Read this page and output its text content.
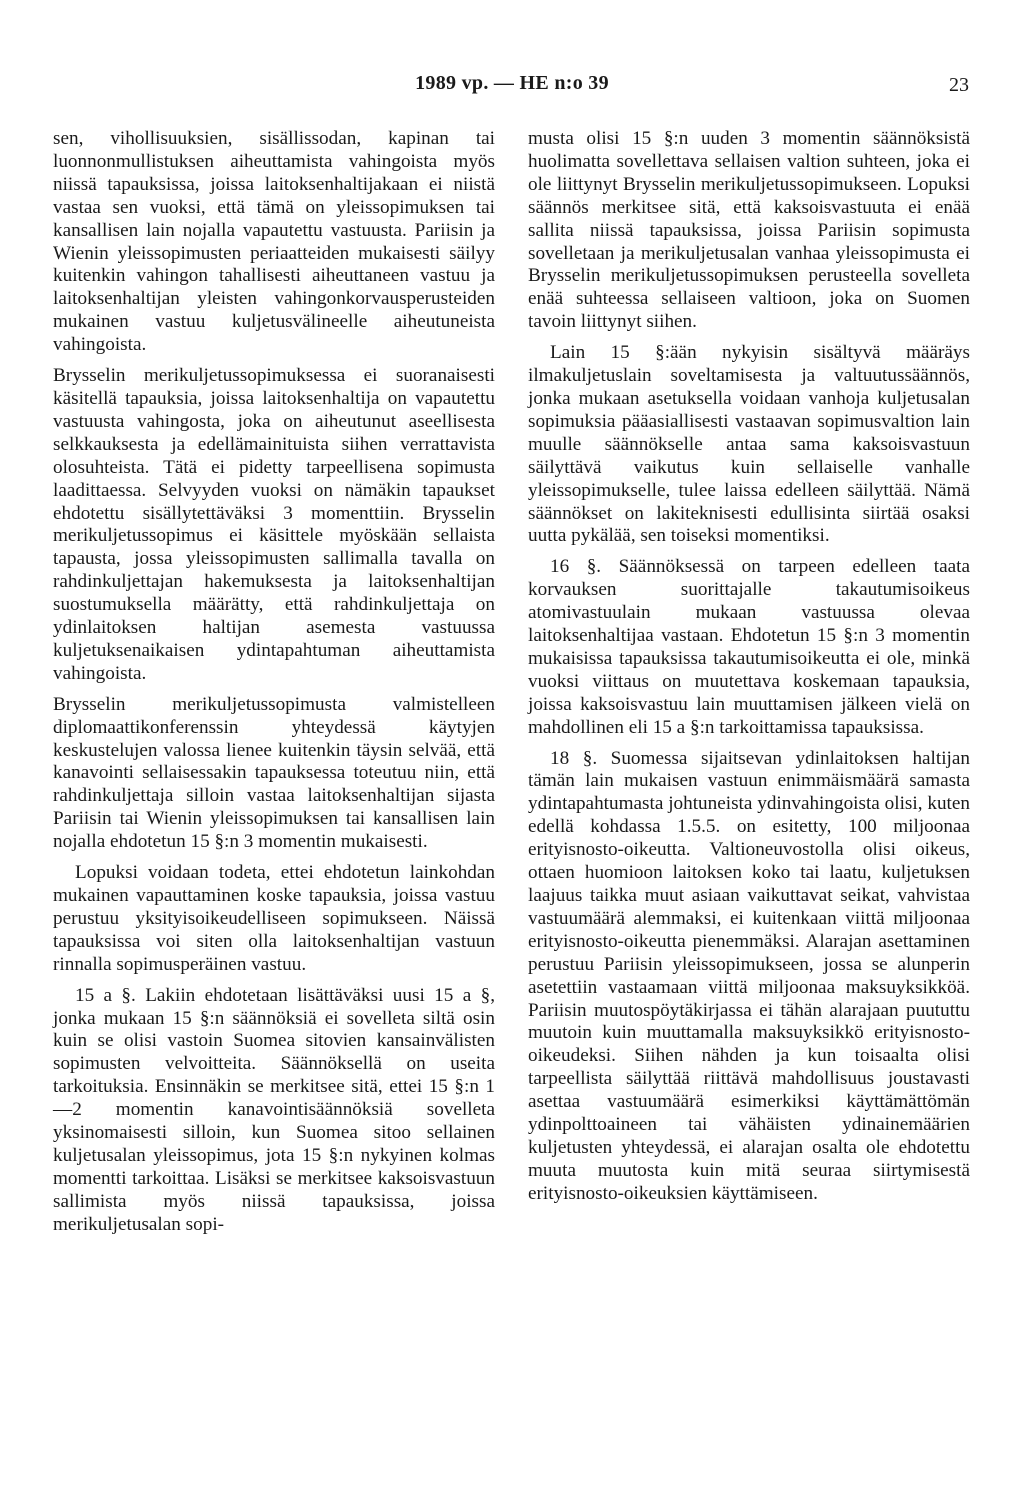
1989 vp. — HE n:o 39	23

sen, vihollisuuksien, sisällissodan, kapinan tai luonnonmullistuksen aiheuttamista vahingoista myös niissä tapauksissa, joissa laitoksenhaltijakaan ei niistä vastaa sen vuoksi, että tämä on yleissopimuksen tai kansallisen lain nojalla vapautettu vastuusta. Pariisin ja Wienin yleissopimusten periaatteiden mukaisesti säilyy kuitenkin vahingon tahallisesti aiheuttaneen vastuu ja laitoksenhaltijan yleisten vahingonkorvausperusteiden mukainen vastuu kuljetusvälineelle aiheutuneista vahingoista.

Brysselin merikuljetussopimuksessa ei suoranaisesti käsitellä tapauksia, joissa laitoksenhaltija on vapautettu vastuusta vahingosta, joka on aiheutunut aseellisesta selkkauksesta ja edellämainituista siihen verrattavista olosuhteista. Tätä ei pidetty tarpeellisena sopimusta laadittaessa. Selvyyden vuoksi on nämäkin tapaukset ehdotettu sisällytettäväksi 3 momenttiin. Brysselin merikuljetussopimus ei käsittele myöskään sellaista tapausta, jossa yleissopimusten sallimalla tavalla on rahdinkuljettajan hakemuksesta ja laitoksenhaltijan suostumuksella määrätty, että rahdinkuljettaja on ydinlaitoksen haltijan asemesta vastuussa kuljetuksenaikaisen ydintapahtuman aiheuttamista vahingoista.

Brysselin merikuljetussopimusta valmistelleen diplomaattikonferenssin yhteydessä käytyjen keskustelujen valossa lienee kuitenkin täysin selvää, että kanavointi sellaisessakin tapauksessa toteutuu niin, että rahdinkuljettaja silloin vastaa laitoksenhaltijan sijasta Pariisin tai Wienin yleissopimuksen tai kansallisen lain nojalla ehdotetun 15 §:n 3 momentin mukaisesti.

Lopuksi voidaan todeta, ettei ehdotetun lainkohdan mukainen vapauttaminen koske tapauksia, joissa vastuu perustuu yksityisoikeudelliseen sopimukseen. Näissä tapauksissa voi siten olla laitoksenhaltijan vastuun rinnalla sopimusperäinen vastuu.

15 a §. Lakiin ehdotetaan lisättäväksi uusi 15 a §, jonka mukaan 15 §:n säännöksiä ei sovelleta siltä osin kuin se olisi vastoin Suomea sitovien kansainvälisten sopimusten velvoitteita. Säännöksellä on useita tarkoituksia. Ensinnäkin se merkitsee sitä, ettei 15 §:n 1—2 momentin kanavointisäännöksiä sovelleta yksinomaisesti silloin, kun Suomea sitoo sellainen kuljetusalan yleissopimus, jota 15 §:n nykyinen kolmas momentti tarkoittaa. Lisäksi se merkitsee kaksoisvastuun sallimista myös niissä tapauksissa, joissa merikuljetusalan sopi-

musta olisi 15 §:n uuden 3 momentin säännöksistä huolimatta sovellettava sellaisen valtion suhteen, joka ei ole liittynyt Brysselin merikuljetussopimukseen. Lopuksi säännös merkitsee sitä, että kaksoisvastuuta ei enää sallita niissä tapauksissa, joissa Pariisin sopimusta sovelletaan ja merikuljetusalan vanhaa yleissopimusta ei Brysselin merikuljetussopimuksen perusteella sovelleta enää suhteessa sellaiseen valtioon, joka on Suomen tavoin liittynyt siihen.

Lain 15 §:ään nykyisin sisältyvä määräys ilmakuljetuslain soveltamisesta ja valtuutussäännös, jonka mukaan asetuksella voidaan vanhoja kuljetusalan sopimuksia pääasiallisesti vastaavan sopimusvaltion lain muulle säännökselle antaa sama kaksoisvastuun säilyttävä vaikutus kuin sellaiselle vanhalle yleissopimukselle, tulee laissa edelleen säilyttää. Nämä säännökset on lakiteknisesti edullisinta siirtää osaksi uutta pykälää, sen toiseksi momentiksi.

16 §. Säännöksessä on tarpeen edelleen taata korvauksen suorittajalle takautumisoikeus atomivastuulain mukaan vastuussa olevaa laitoksenhaltijaa vastaan. Ehdotetun 15 §:n 3 momentin mukaisissa tapauksissa takautumisoikeutta ei ole, minkä vuoksi viittaus on muutettava koskemaan tapauksia, joissa kaksoisvastuu lain muuttamisen jälkeen vielä on mahdollinen eli 15 a §:n tarkoittamissa tapauksissa.

18 §. Suomessa sijaitsevan ydinlaitoksen haltijan tämän lain mukaisen vastuun enimmäismäärä samasta ydintapahtumasta johtuneista ydinvahingoista olisi, kuten edellä kohdassa 1.5.5. on esitetty, 100 miljoonaa erityisnosto-oikeutta. Valtioneuvostolla olisi oikeus, ottaen huomioon laitoksen koko tai laatu, kuljetuksen laajuus taikka muut asiaan vaikuttavat seikat, vahvistaa vastuumäärä alemmaksi, ei kuitenkaan viittä miljoonaa erityisnosto-oikeutta pienemmäksi. Alarajan asettaminen perustuu Pariisin yleissopimukseen, jossa se alunperin asetettiin vastaamaan viittä miljoonaa maksuyksikköä. Pariisin muutospöytäkirjassa ei tähän alarajaan puututtu muutoin kuin muuttamalla maksuyksikkö erityisnosto-oikeudeksi. Siihen nähden ja kun toisaalta olisi tarpeellista säilyttää riittävä mahdollisuus joustavasti asettaa vastuumäärä esimerkiksi käyttämättömän ydinpolttoaineen tai vähäisten ydinainemäärien kuljetusten yhteydessä, ei alarajan osalta ole ehdotettu muuta muutosta kuin mitä seuraa siirtymisestä erityisnosto-oikeuksien käyttämiseen.
